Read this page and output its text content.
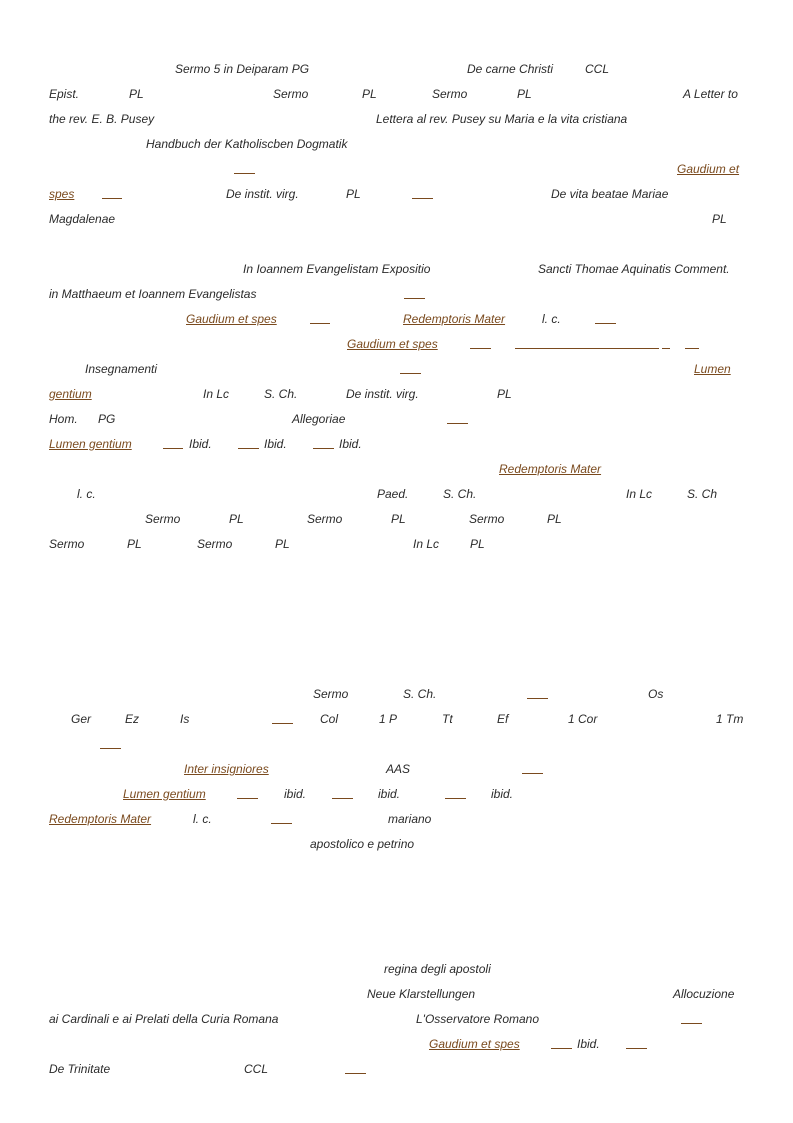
Sermo 5 in Deiparam PG	De carne Christi	CCL
Epist.	PL	Sermo	PL	Sermo	PL	A Letter to
the rev. E. B. Pusey	Lettera al rev. Pusey su Maria e la vita cristiana
Handbuch der Katholiscben Dogmatik
Gaudium et
spes	De instit. virg.	PL	De vita beatae Mariae
Magdalenae	PL
In Ioannem Evangelistam Expositio	Sancti Thomae Aquinatis Comment.
in Matthaeum et Ioannem Evangelistas
Gaudium et spes	Redemptoris Mater	l. c.
Gaudium et spes
Insegnamenti	Lumen
gentium	In Lc	S. Ch.	De instit. virg.	PL
Hom. PG	Allegoriae
Lumen gentium	Ibid.	Ibid.	Ibid.
Redemptoris Mater
l. c.	Paed.	S. Ch.	In Lc	S. Ch
Sermo	PL	Sermo	PL	Sermo	PL
Sermo	PL	Sermo	PL	In Lc	PL
Sermo	S. Ch.	Os
Ger	Ez	Is	Col	1 P	Tt	Ef	1 Cor	1 Tm
Inter insigniores	AAS
Lumen gentium	ibid.	ibid.	ibid.
Redemptoris Mater	l. c.	mariano
apostolico e petrino
regina degli apostoli
Neue Klarstellungen	Allocuzione
ai Cardinali e ai Prelati della Curia Romana	L'Osservatore Romano
Gaudium et spes	Ibid.
De Trinitate	CCL
